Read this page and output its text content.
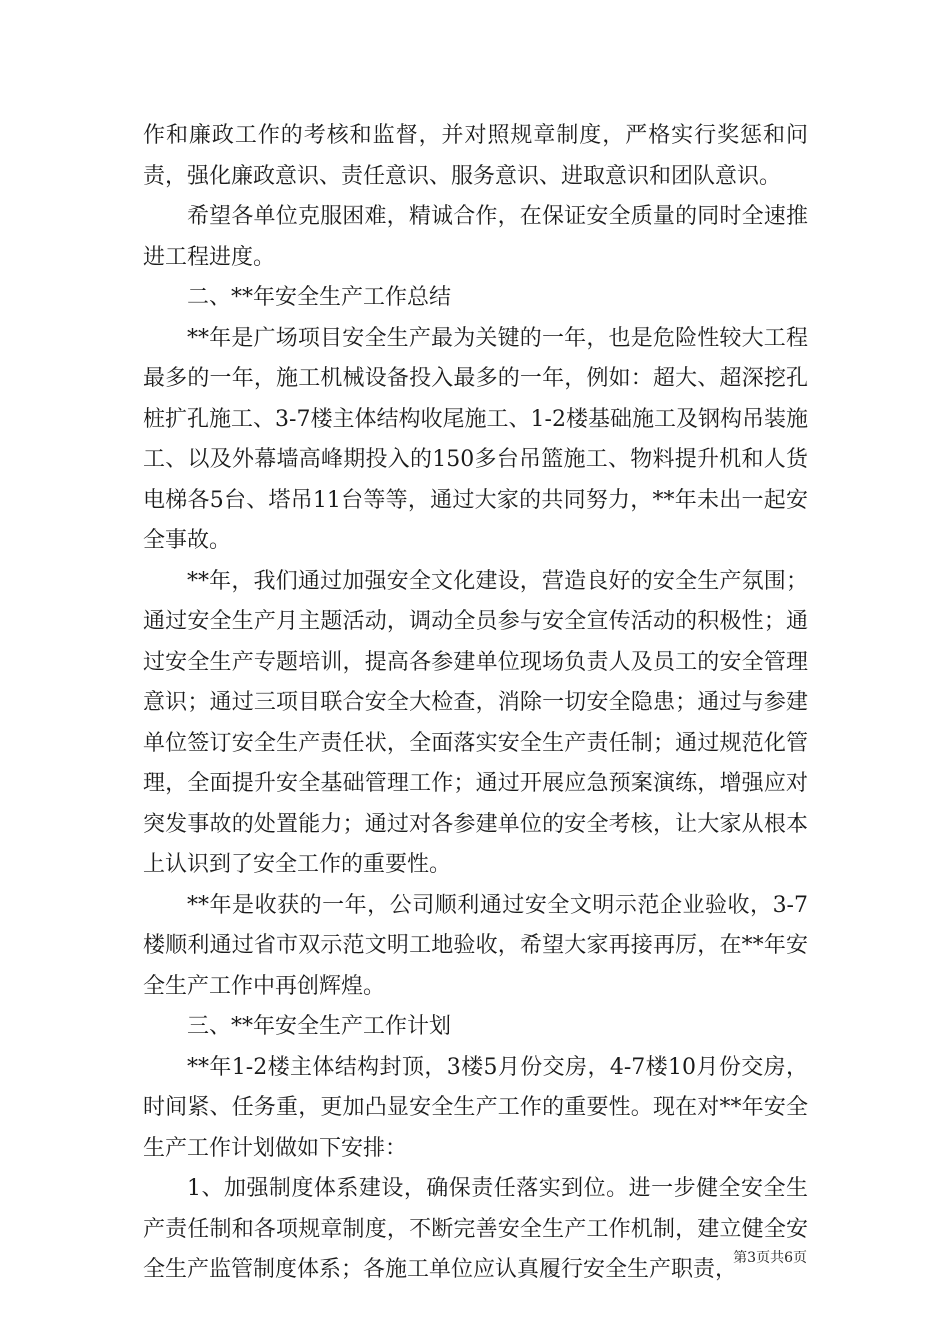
作和廉政工作的考核和监督，并对照规章制度，严格实行奖惩和问责，强化廉政意识、责任意识、服务意识、进取意识和团队意识。

希望各单位克服困难，精诚合作，在保证安全质量的同时全速推进工程进度。

二、**年安全生产工作总结

**年是广场项目安全生产最为关键的一年，也是危险性较大工程最多的一年，施工机械设备投入最多的一年，例如：超大、超深挖孔桩扩孔施工、3-7楼主体结构收尾施工、1-2楼基础施工及钢构吊装施工、以及外幕墙高峰期投入的150多台吊篮施工、物料提升机和人货电梯各5台、塔吊11台等等，通过大家的共同努力，**年未出一起安全事故。

**年，我们通过加强安全文化建设，营造良好的安全生产氛围；通过安全生产月主题活动，调动全员参与安全宣传活动的积极性；通过安全生产专题培训，提高各参建单位现场负责人及员工的安全管理意识；通过三项目联合安全大检查，消除一切安全隐患；通过与参建单位签订安全生产责任状，全面落实安全生产责任制；通过规范化管理，全面提升安全基础管理工作；通过开展应急预案演练，增强应对突发事故的处置能力；通过对各参建单位的安全考核，让大家从根本上认识到了安全工作的重要性。

**年是收获的一年，公司顺利通过安全文明示范企业验收，3-7楼顺利通过省市双示范文明工地验收，希望大家再接再厉，在**年安全生产工作中再创辉煌。

三、**年安全生产工作计划

**年1-2楼主体结构封顶，3楼5月份交房，4-7楼10月份交房，时间紧、任务重，更加凸显安全生产工作的重要性。现在对**年安全生产工作计划做如下安排：

1、加强制度体系建设，确保责任落实到位。进一步健全安全生产责任制和各项规章制度，不断完善安全生产工作机制，建立健全安全生产监管制度体系；各施工单位应认真履行安全生产职责，

第3页共6页
